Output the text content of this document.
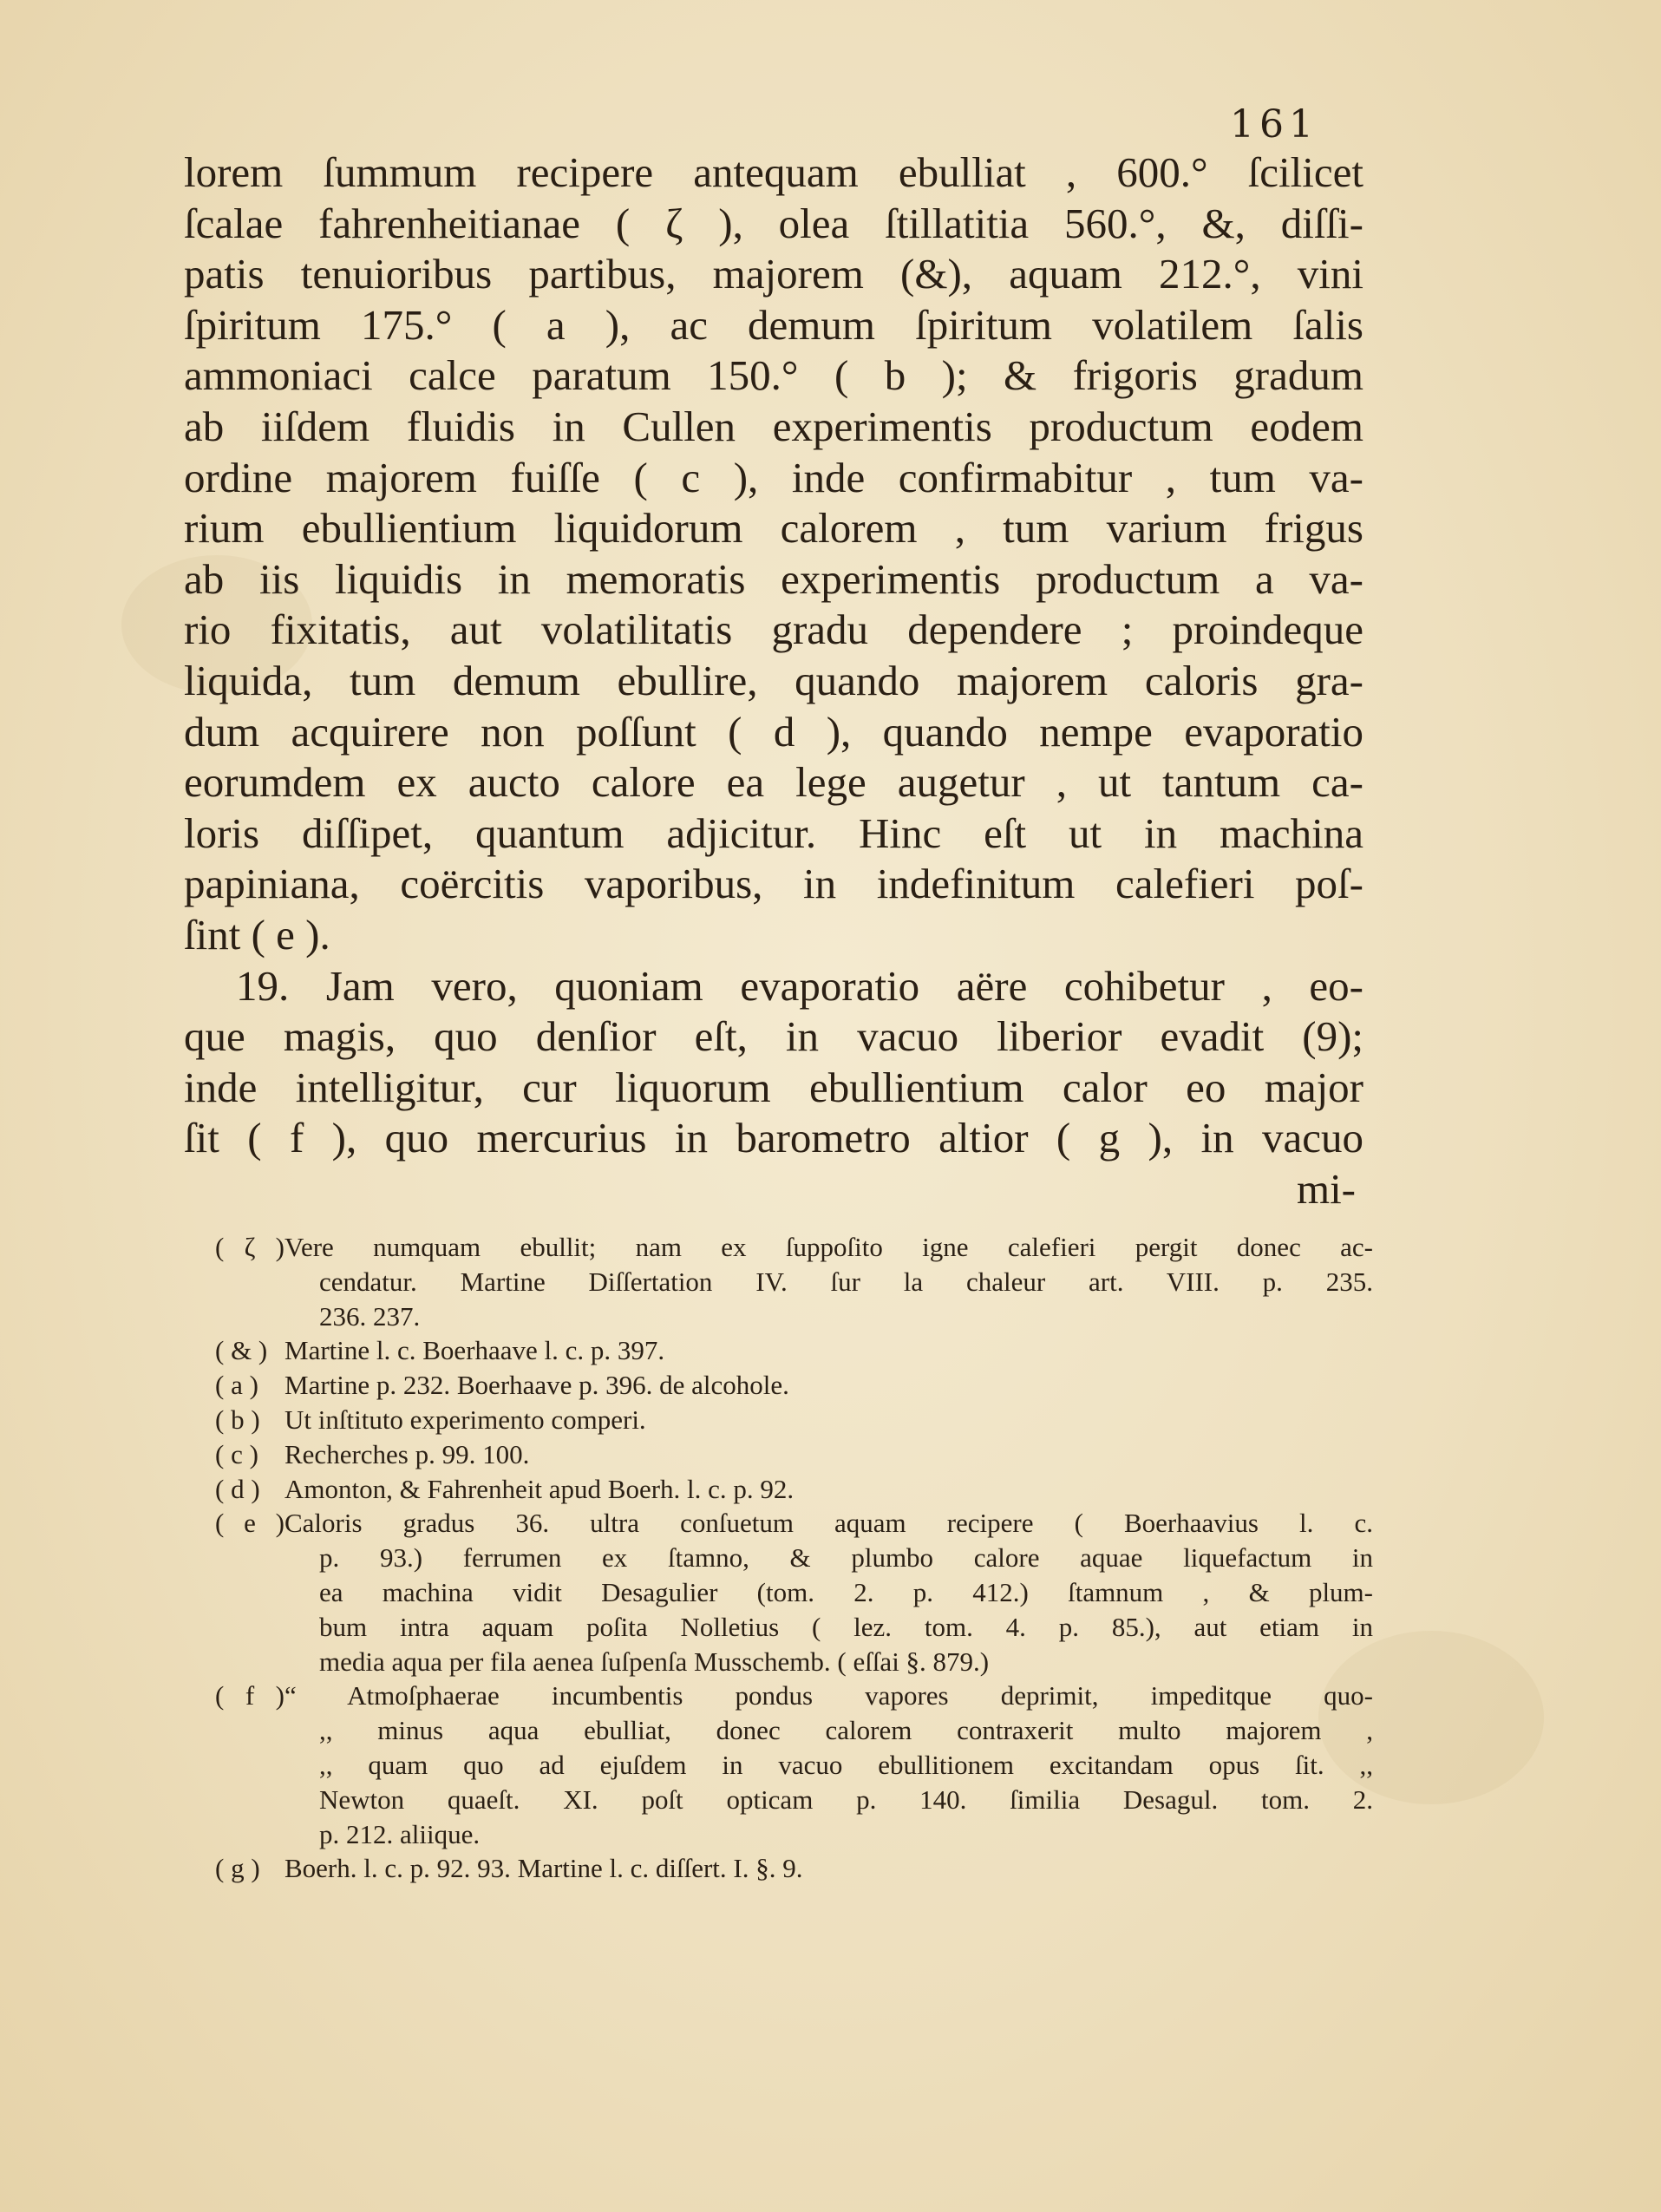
161
lorem ſummum recipere antequam ebulliat , 600.° ſcilicet
ſcalae fahrenheitianae ( ζ ), olea ſtillatitia 560.°, &, diſſi-
patis tenuioribus partibus, majorem (&), aquam 212.°, vini
ſpiritum 175.° ( a ), ac demum ſpiritum volatilem ſalis
ammoniaci calce paratum 150.° ( b ); & frigoris gradum
ab iiſdem fluidis in Cullen experimentis productum eodem
ordine majorem fuiſſe ( c ), inde confirmabitur , tum va-
rium ebullientium liquidorum calorem , tum varium frigus
ab iis liquidis in memoratis experimentis productum a va-
rio fixitatis, aut volatilitatis gradu dependere ; proindeque
liquida, tum demum ebullire, quando majorem caloris gra-
dum acquirere non poſſunt ( d ), quando nempe evaporatio
eorumdem ex aucto calore ea lege augetur , ut tantum ca-
loris diſſipet, quantum adjicitur. Hinc eſt ut in machina
papiniana, coërcitis vaporibus, in indefinitum calefieri poſ-
ſint ( e ).
19. Jam vero, quoniam evaporatio aëre cohibetur , eo-
que magis, quo denſior eſt, in vacuo liberior evadit (9);
inde intelligitur, cur liquorum ebullientium calor eo major
ſit ( f ), quo mercurius in barometro altior ( g ), in vacuo
mi-
( ζ )Vere numquam ebullit; nam ex ſuppoſito igne calefieri pergit donec ac-
cendatur. Martine Diſſertation IV. ſur la chaleur art. VIII. p. 235.
236. 237.
( & ) Martine l. c. Boerhaave l. c. p. 397.
( a ) Martine p. 232. Boerhaave p. 396. de alcohole.
( b ) Ut inſtituto experimento comperi.
( c ) Recherches p. 99. 100.
( d ) Amonton, & Fahrenheit apud Boerh. l. c. p. 92.
( e )Caloris gradus 36. ultra conſuetum aquam recipere ( Boerhaavius l. c.
p. 93.) ferrumen ex ſtamno, & plumbo calore aquae liquefactum in
ea machina vidit Desagulier (tom. 2. p. 412.) ſtamnum , & plum-
bum intra aquam poſita Nolletius ( lez. tom. 4. p. 85.), aut etiam in
media aqua per fila aenea ſuſpenſa Musschemb. ( eſſai §. 879.)
( f )“ Atmoſphaerae incumbentis pondus vapores deprimit, impeditque quo-
,, minus aqua ebulliat, donec calorem contraxerit multo majorem ,
,, quam quo ad ejuſdem in vacuo ebullitionem excitandam opus ſit. ,,
Newton quaeſt. XI. poſt opticam p. 140. ſimilia Desagul. tom. 2.
p. 212. aliique.
( g ) Boerh. l. c. p. 92. 93. Martine l. c. diſſert. I. §. 9.
